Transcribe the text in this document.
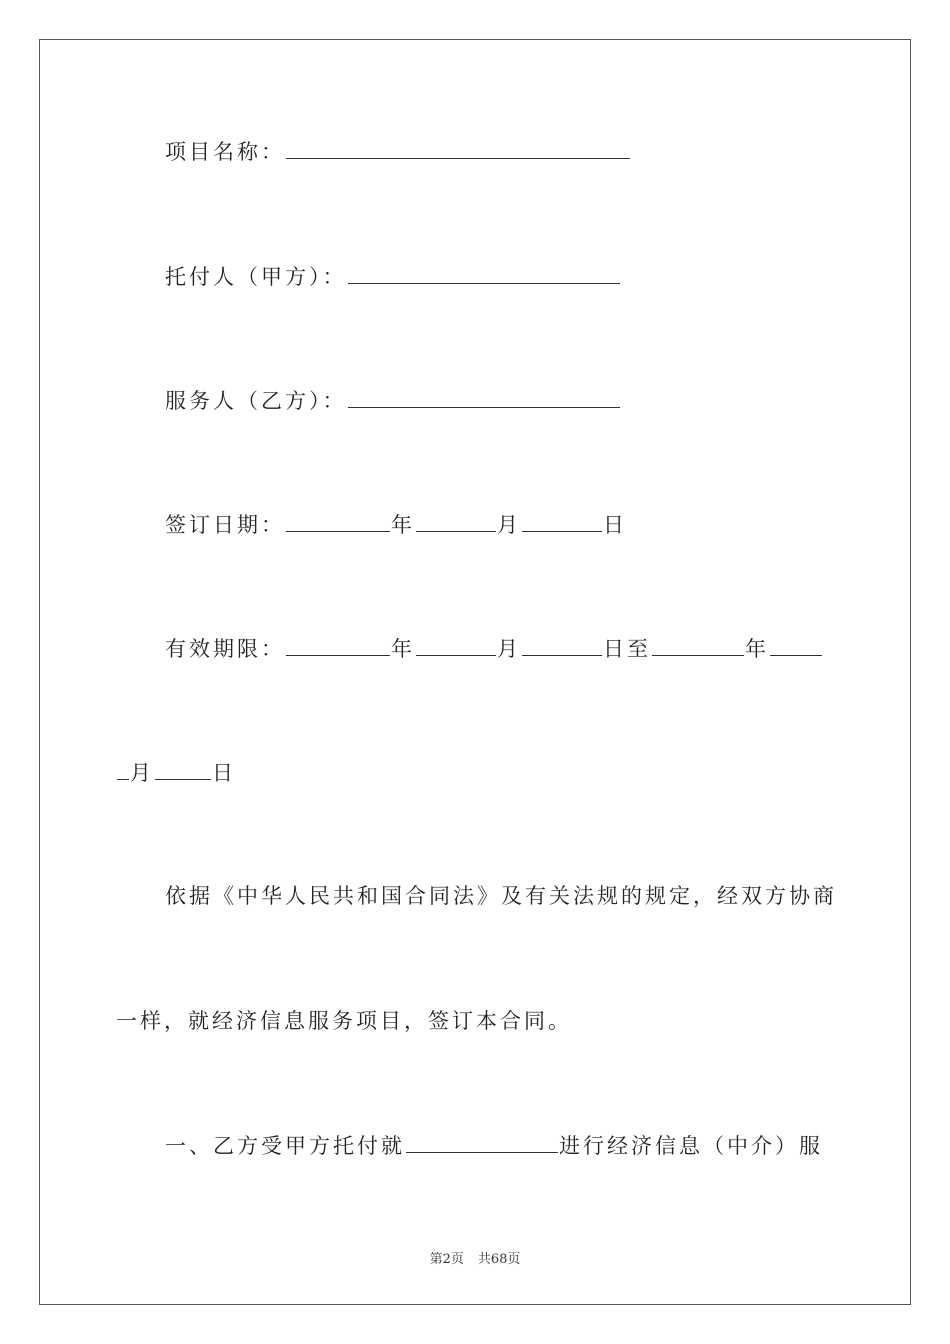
项目名称：
托付人（甲方）：
服务人（乙方）：
签订日期：	年	月	日
有效期限：	年	月	日至	年
月	日
依据《中华人民共和国合同法》及有关法规的规定，经双方协商
一样，就经济信息服务项目，签订本合同。
一、乙方受甲方托付就	进行经济信息（中介）服
第2页 共68页
